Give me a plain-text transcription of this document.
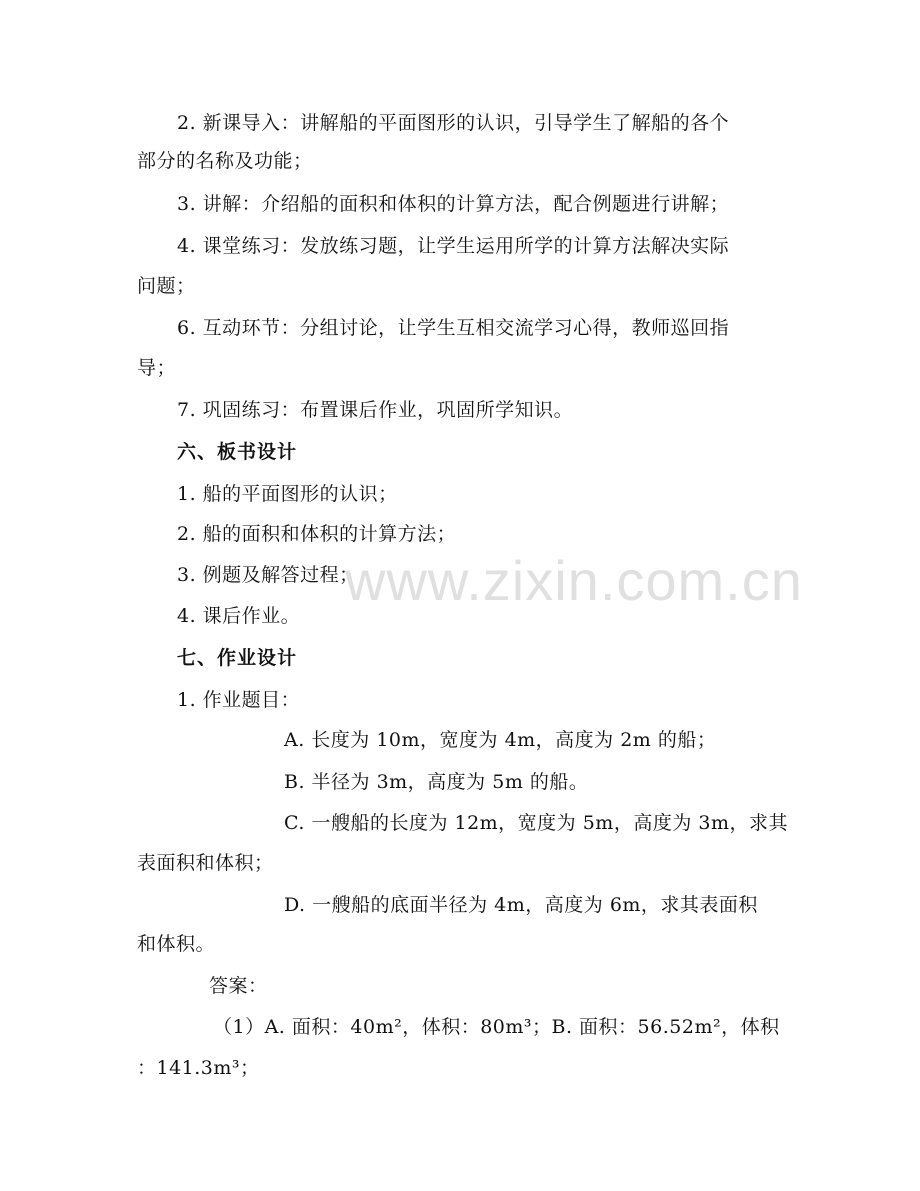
www.zixin.com.cn
2. 新课导入：讲解船的平面图形的认识，引导学生了解船的各个
部分的名称及功能；
3. 讲解：介绍船的面积和体积的计算方法，配合例题进行讲解；
4. 课堂练习：发放练习题，让学生运用所学的计算方法解决实际
问题；
6. 互动环节：分组讨论，让学生互相交流学习心得，教师巡回指
导；
7. 巩固练习：布置课后作业，巩固所学知识。
六、板书设计
1. 船的平面图形的认识；
2. 船的面积和体积的计算方法；
3. 例题及解答过程；
4. 课后作业。
七、作业设计
1. 作业题目：
A. 长度为 10m，宽度为 4m，高度为 2m 的船；
B. 半径为 3m，高度为 5m 的船。
C. 一艘船的长度为 12m，宽度为 5m，高度为 3m，求其
表面积和体积；
D. 一艘船的底面半径为 4m，高度为 6m，求其表面积
和体积。
答案：
（1）A. 面积：40m²，体积：80m³；B. 面积：56.52m²，体积
：141.3m³；
